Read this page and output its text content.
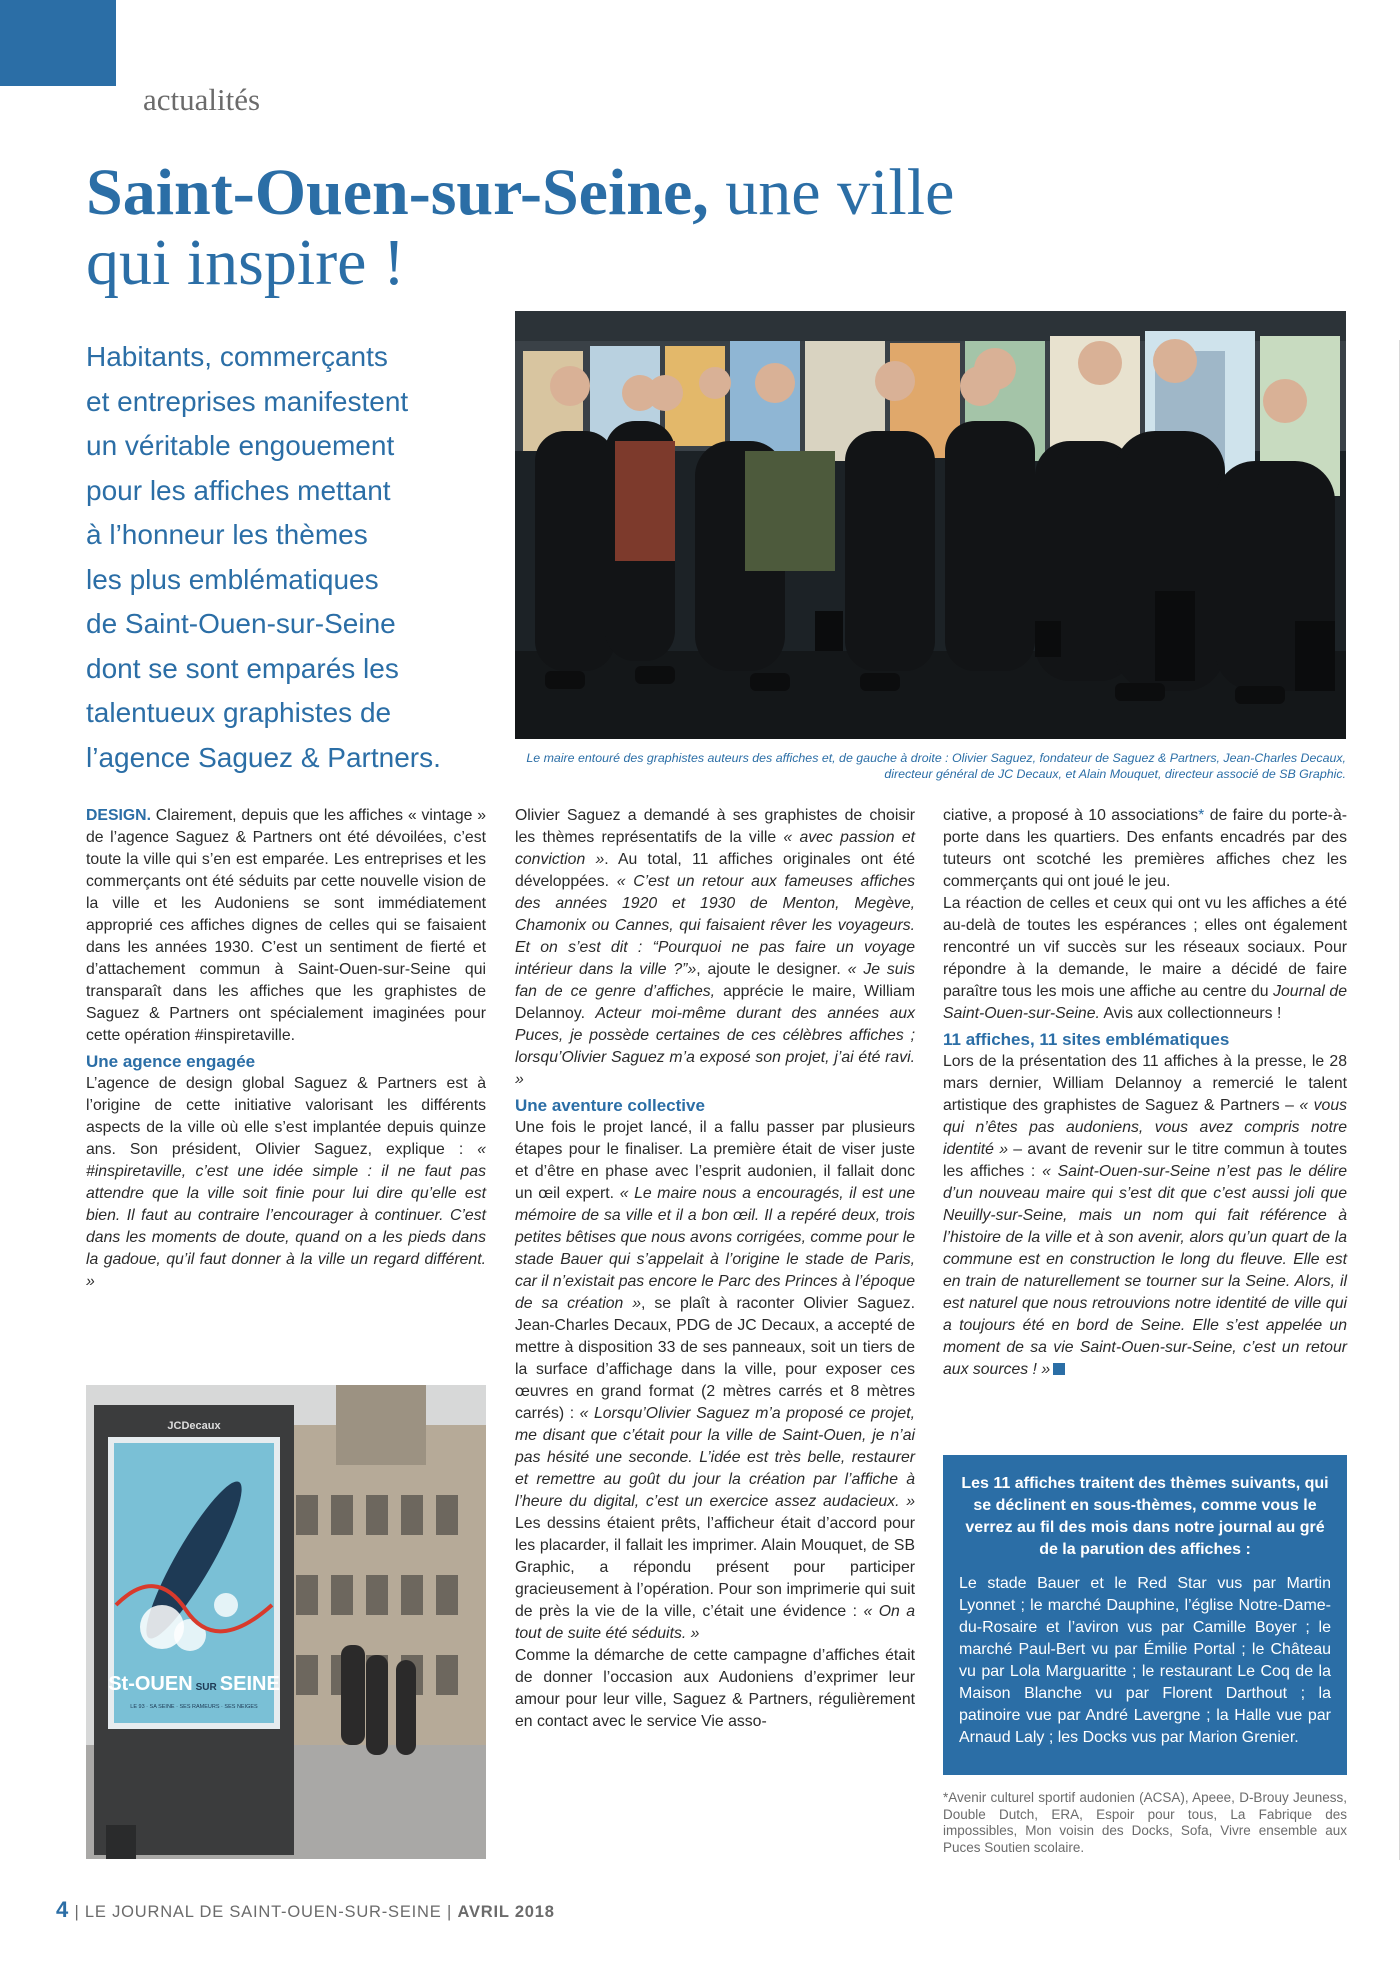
actualités
Saint-Ouen-sur-Seine, une ville
qui inspire !
Habitants, commerçants
et entreprises manifestent
un véritable engouement
pour les affiches mettant
à l’honneur les thèmes
les plus emblématiques
de Saint-Ouen-sur-Seine
dont se sont emparés les
talentueux graphistes de
l’agence Saguez & Partners.	Le maire entouré des graphistes auteurs des affiches et, de gauche à droite : Olivier Saguez, fondateur de Saguez & Partners, Jean-Charles Decaux, directeur général de JC Decaux, et Alain Mouquet, directeur associé de SB Graphic.

DESIGN. Clairement, depuis que les affiches « vintage » de l’agence Saguez & Partners ont été dévoilées, c’est toute la ville qui s’en est emparée. Les entreprises et les commerçants ont été séduits par cette nouvelle vision de la ville et les Audoniens se sont immédiatement approprié ces affiches dignes de celles qui se faisaient dans les années 1930. C’est un sentiment de fierté et d’attachement commun à Saint-Ouen-sur-Seine qui transparaît dans les affiches que les graphistes de Saguez & Partners ont spécialement imaginées pour cette opération #inspiretaville.

Une agence engagée

L’agence de design global Saguez & Partners est à l’origine de cette initiative valorisant les différents aspects de la ville où elle s’est implantée depuis quinze ans. Son président, Olivier Saguez, explique : « #inspiretaville, c’est une idée simple : il ne faut pas attendre que la ville soit finie pour lui dire qu’elle est bien. Il faut au contraire l’encourager à continuer. C’est dans les moments de doute, quand on a les pieds dans la gadoue, qu’il faut donner à la ville un regard différent. »

JCDecaux
St-OUEN SUR SEINE
LE 93 · SA SEINE · SES RAMEURS · SES NEIGES

Olivier Saguez a demandé à ses graphistes de choisir les thèmes représentatifs de la ville « avec passion et conviction ». Au total, 11 affiches originales ont été développées. « C’est un retour aux fameuses affiches des années 1920 et 1930 de Menton, Megève, Chamonix ou Cannes, qui faisaient rêver les voyageurs. Et on s’est dit : “Pourquoi ne pas faire un voyage intérieur dans la ville ?”», ajoute le designer. « Je suis fan de ce genre d’affiches, apprécie le maire, William Delannoy. Acteur moi-même durant des années aux Puces, je possède certaines de ces célèbres affiches ; lorsqu’Olivier Saguez m’a exposé son projet, j’ai été ravi. »

Une aventure collective

Une fois le projet lancé, il a fallu passer par plusieurs étapes pour le finaliser. La première était de viser juste et d’être en phase avec l’esprit audonien, il fallait donc un œil expert. « Le maire nous a encouragés, il est une mémoire de sa ville et il a bon œil. Il a repéré deux, trois petites bêtises que nous avons corrigées, comme pour le stade Bauer qui s’appelait à l’origine le stade de Paris, car il n’existait pas encore le Parc des Princes à l’époque de sa création », se plaît à raconter Olivier Saguez. Jean-Charles Decaux, PDG de JC Decaux, a accepté de mettre à disposition 33 de ses panneaux, soit un tiers de la surface d’affichage dans la ville, pour exposer ces œuvres en grand format (2 mètres carrés et 8 mètres carrés) : « Lorsqu’Olivier Saguez m’a proposé ce projet, me disant que c’était pour la ville de Saint-Ouen, je n’ai pas hésité une seconde. L’idée est très belle, restaurer et remettre au goût du jour la création par l’affiche à l’heure du digital, c’est un exercice assez audacieux. » Les dessins étaient prêts, l’afficheur était d’accord pour les placarder, il fallait les imprimer. Alain Mouquet, de SB Graphic, a répondu présent pour participer gracieusement à l’opération. Pour son imprimerie qui suit de près la vie de la ville, c’était une évidence : « On a tout de suite été séduits. »

Comme la démarche de cette campagne d’affiches était de donner l’occasion aux Audoniens d’exprimer leur amour pour leur ville, Saguez & Partners, régulièrement en contact avec le service Vie asso-

ciative, a proposé à 10 associations* de faire du porte-à-porte dans les quartiers. Des enfants encadrés par des tuteurs ont scotché les premières affiches chez les commerçants qui ont joué le jeu.

La réaction de celles et ceux qui ont vu les affiches a été au-delà de toutes les espérances ; elles ont également rencontré un vif succès sur les réseaux sociaux. Pour répondre à la demande, le maire a décidé de faire paraître tous les mois une affiche au centre du Journal de Saint-Ouen-sur-Seine. Avis aux collectionneurs !

11 affiches, 11 sites emblématiques

Lors de la présentation des 11 affiches à la presse, le 28 mars dernier, William Delannoy a remercié le talent artistique des graphistes de Saguez & Partners – « vous qui n’êtes pas audoniens, vous avez compris notre identité » – avant de revenir sur le titre commun à toutes les affiches : « Saint-Ouen-sur-Seine n’est pas le délire d’un nouveau maire qui s’est dit que c’est aussi joli que Neuilly-sur-Seine, mais un nom qui fait référence à l’histoire de la ville et à son avenir, alors qu’un quart de la commune est en construction le long du fleuve. Elle est en train de naturellement se tourner sur la Seine. Alors, il est naturel que nous retrouvions notre identité de ville qui a toujours été en bord de Seine. Elle s’est appelée un moment de sa vie Saint-Ouen-sur-Seine, c’est un retour aux sources ! »

Les 11 affiches traitent des thèmes suivants, qui se déclinent en sous-thèmes, comme vous le verrez au fil des mois dans notre journal au gré de la parution des affiches :

Le stade Bauer et le Red Star vus par Martin Lyonnet ; le marché Dauphine, l’église Notre-Dame-du-Rosaire et l’aviron vus par Camille Boyer ; le marché Paul-Bert vu par Émilie Portal ; le Château vu par Lola Marguaritte ; le restaurant Le Coq de la Maison Blanche vu par Florent Darthout ; la patinoire vue par André Lavergne ; la Halle vue par Arnaud Laly ; les Docks vus par Marion Grenier.

*Avenir culturel sportif audonien (ACSA), Apeee, D-Brouy Jeuness, Double Dutch, ERA, Espoir pour tous, La Fabrique des impossibles, Mon voisin des Docks, Sofa, Vivre ensemble aux Puces Soutien scolaire.
4 | LE JOURNAL DE SAINT-OUEN-SUR-SEINE | AVRIL 2018
